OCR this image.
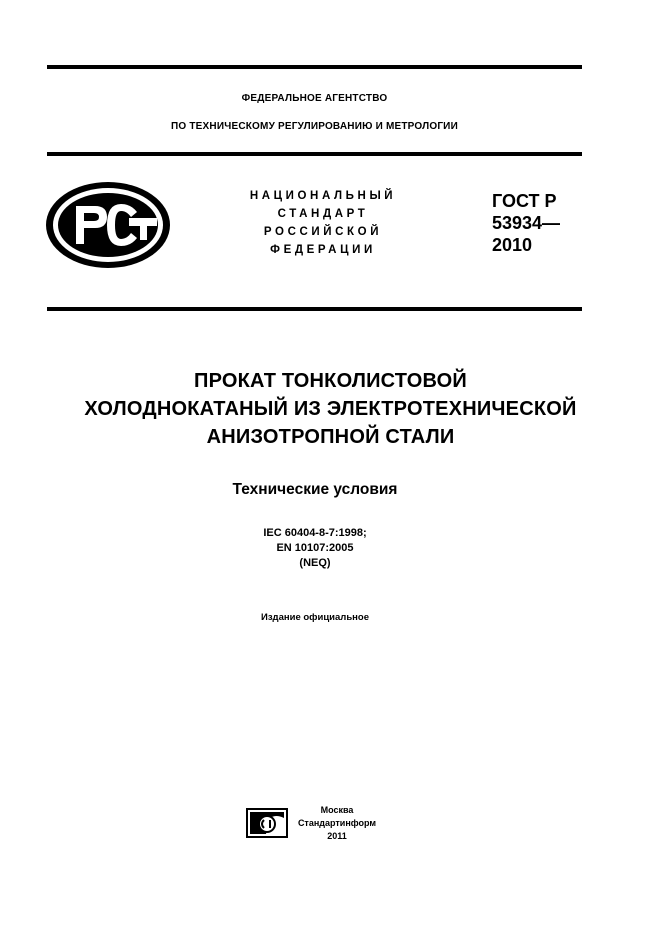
ФЕДЕРАЛЬНОЕ АГЕНТСТВО
ПО ТЕХНИЧЕСКОМУ РЕГУЛИРОВАНИЮ И МЕТРОЛОГИИ
НАЦИОНАЛЬНЫЙ
СТАНДАРТ
РОССИЙСКОЙ
ФЕДЕРАЦИИ
ГОСТ Р
53934—
2010
ПРОКАТ ТОНКОЛИСТОВОЙ
ХОЛОДНОКАТАНЫЙ ИЗ ЭЛЕКТРОТЕХНИЧЕСКОЙ
АНИЗОТРОПНОЙ СТАЛИ
Технические условия
IEC 60404-8-7:1998;
EN 10107:2005
(NEQ)
Издание официальное
Москва
Стандартинформ
2011
